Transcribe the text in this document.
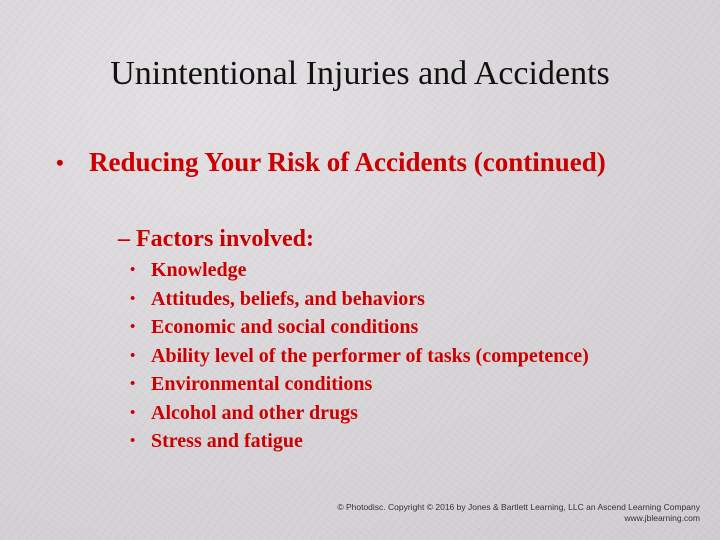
Unintentional Injuries and Accidents
• Reducing Your Risk of Accidents (continued)
– Factors involved:
• Knowledge
• Attitudes, beliefs, and behaviors
• Economic and social conditions
• Ability level of the performer of tasks (competence)
• Environmental conditions
• Alcohol and other drugs
• Stress and fatigue
© Photodisc. Copyright © 2016 by Jones & Bartlett Learning, LLC an Ascend Learning Company
www.jblearning.com
